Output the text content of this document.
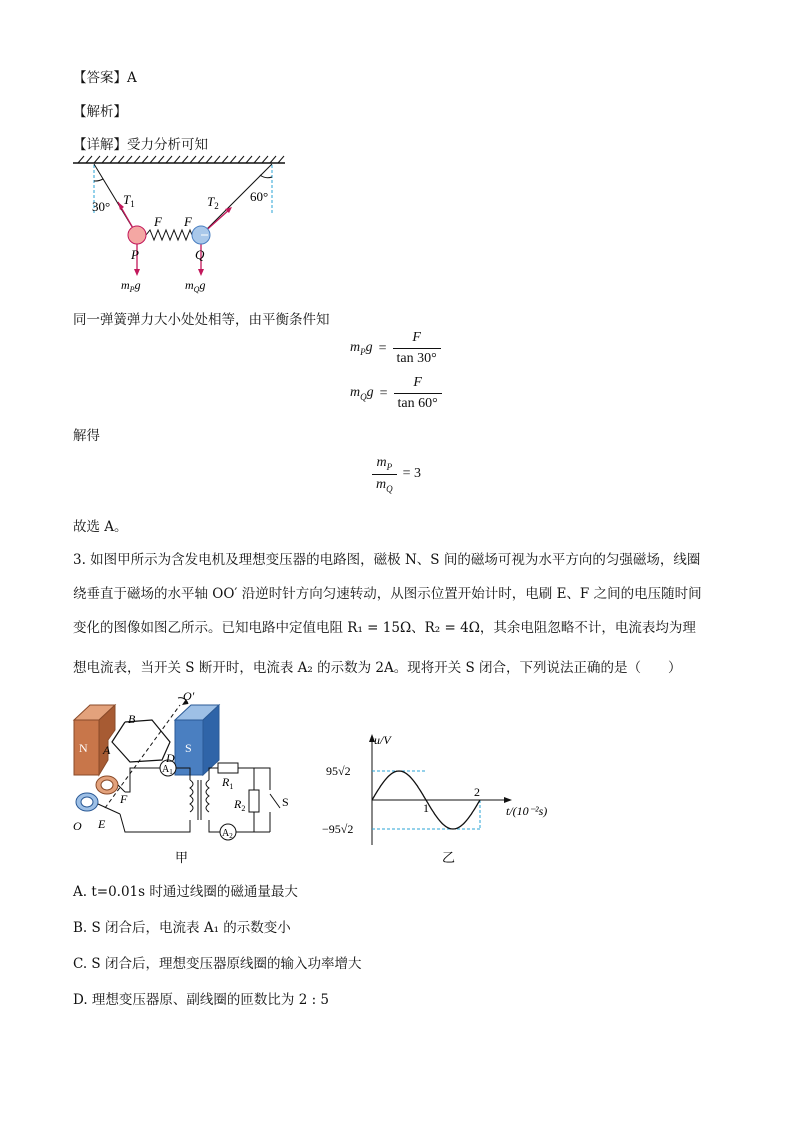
【答案】A
【解析】
【详解】受力分析可知
30°
60°
$T_1$	$T_2$
F F
P	Q
$m_Pg$	$m_Qg$
同一弹簧弹力大小处处相等，由平衡条件知
$m_Pg = \frac{F}{\tan 30^\circ}$
$m_Qg = \frac{F}{\tan 60^\circ}$
解得
$\frac{m_P}{m_Q} = 3$
故选 A。
3. 如图甲所示为含发电机及理想变压器的电路图，磁极 N、S 间的磁场可视为水平方向的匀强磁场，线圈
绕垂直于磁场的水平轴 OO′ 沿逆时针方向匀速转动，从图示位置开始计时，电刷 E、F 之间的电压随时间
变化的图像如图乙所示。已知电路中定值电阻 R₁ = 15Ω、R₂ = 4Ω，其余电阻忽略不计，电流表均为理
想电流表，当开关 S 断开时，电流表 A₂ 的示数为 2A。现将开关 S 闭合，下列说法正确的是（　　）
N	S
A
B
D
F
E
O
O′
$A_1$
$A_2$
$R_1$
$R_2$	S
甲
u/V
95√2
−95√2
1
2
t/(10⁻²s)
乙
A. t=0.01s 时通过线圈的磁通量最大
B. S 闭合后，电流表 A₁ 的示数变小
C. S 闭合后，理想变压器原线圈的输入功率增大
D. 理想变压器原、副线圈的匝数比为 2 : 5
